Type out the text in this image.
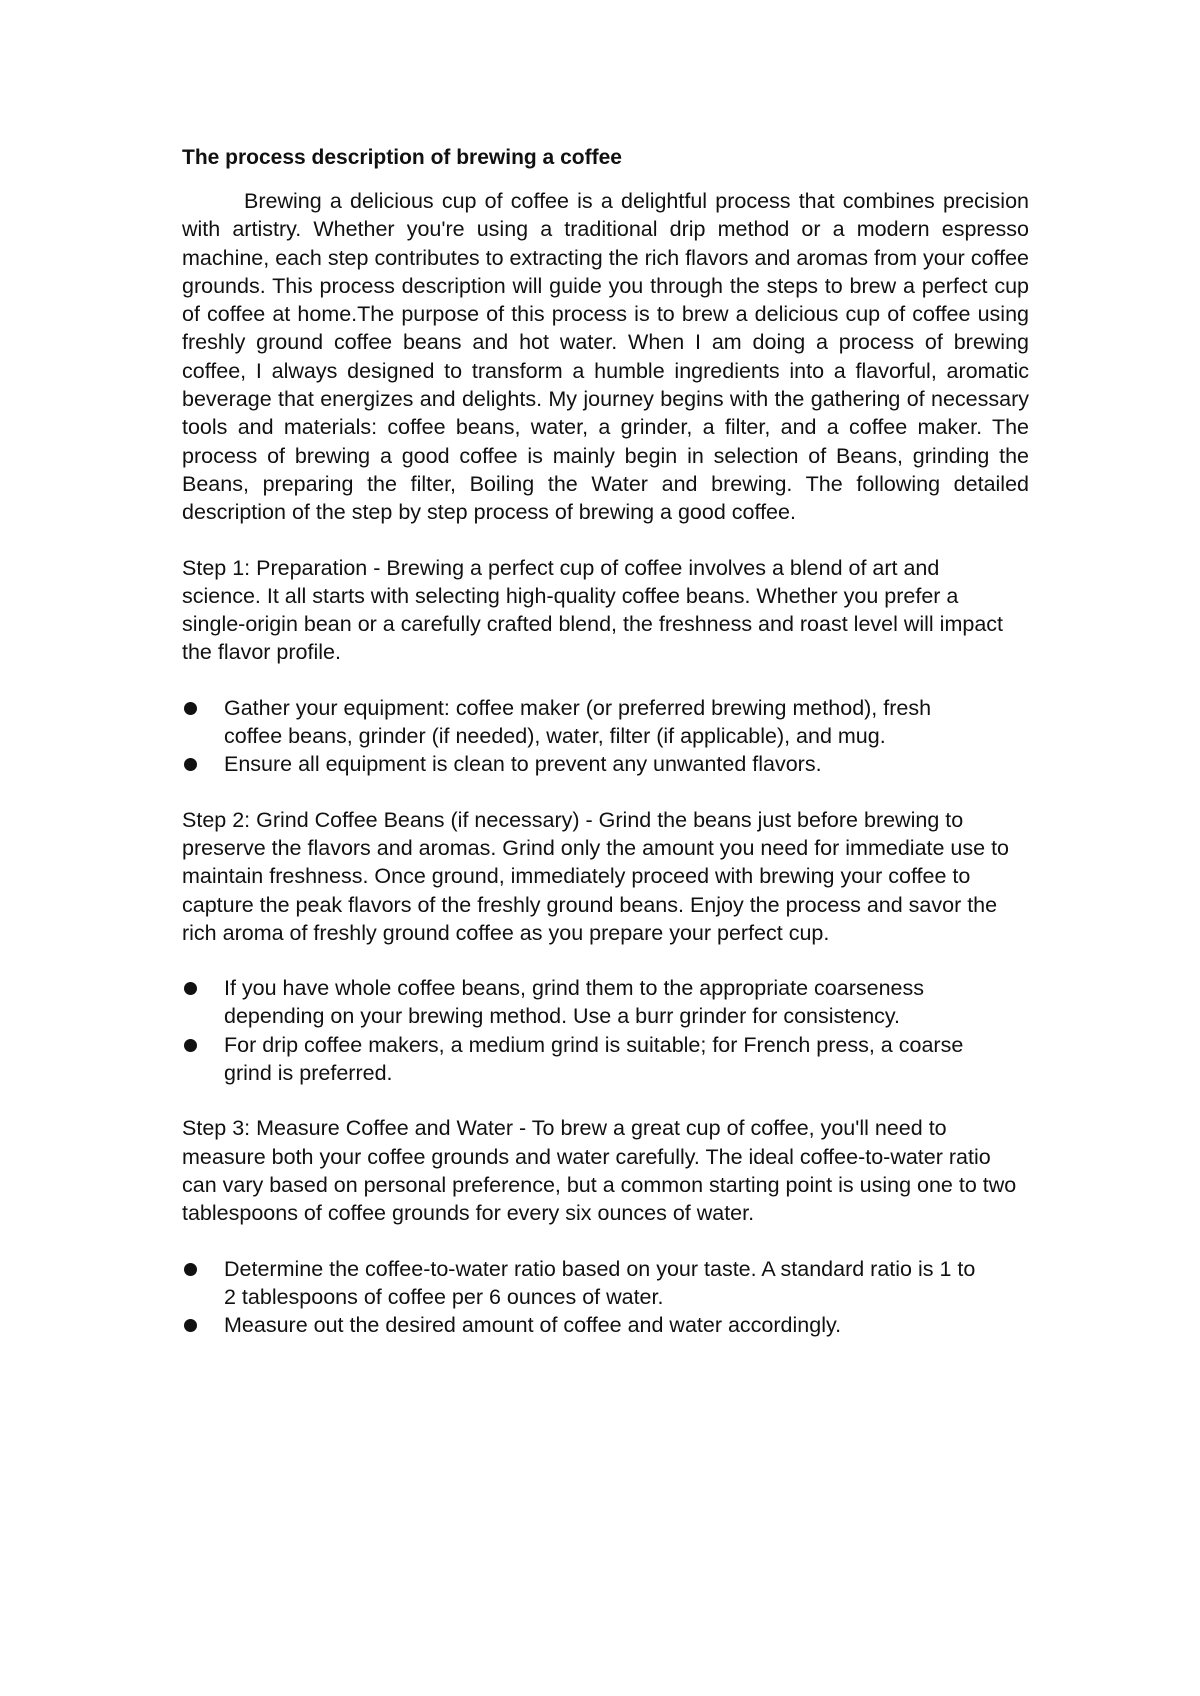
The process description of brewing a coffee

Brewing a delicious cup of coffee is a delightful process that combines precision with artistry. Whether you're using a traditional drip method or a modern espresso machine, each step contributes to extracting the rich flavors and aromas from your coffee grounds. This process description will guide you through the steps to brew a perfect cup of coffee at home.The purpose of this process is to brew a delicious cup of coffee using freshly ground coffee beans and hot water. When I am doing a process of brewing coffee, I always designed to transform a humble ingredients into a flavorful, aromatic beverage that energizes and delights. My journey begins with the gathering of necessary tools and materials: coffee beans, water, a grinder, a filter, and a coffee maker. The process of brewing a good coffee is mainly begin in selection of Beans, grinding the Beans, preparing the filter, Boiling the Water and brewing. The following detailed description of the step by step process of brewing a good coffee.

Step 1: Preparation - Brewing a perfect cup of coffee involves a blend of art and science. It all starts with selecting high-quality coffee beans. Whether you prefer a single-origin bean or a carefully crafted blend, the freshness and roast level will impact the flavor profile.

Gather your equipment: coffee maker (or preferred brewing method), fresh coffee beans, grinder (if needed), water, filter (if applicable), and mug.
Ensure all equipment is clean to prevent any unwanted flavors.

Step 2: Grind Coffee Beans (if necessary) - Grind the beans just before brewing to preserve the flavors and aromas. Grind only the amount you need for immediate use to maintain freshness. Once ground, immediately proceed with brewing your coffee to capture the peak flavors of the freshly ground beans. Enjoy the process and savor the rich aroma of freshly ground coffee as you prepare your perfect cup.

If you have whole coffee beans, grind them to the appropriate coarseness depending on your brewing method. Use a burr grinder for consistency.
For drip coffee makers, a medium grind is suitable; for French press, a coarse grind is preferred.

Step 3: Measure Coffee and Water - To brew a great cup of coffee, you'll need to measure both your coffee grounds and water carefully. The ideal coffee-to-water ratio can vary based on personal preference, but a common starting point is using one to two tablespoons of coffee grounds for every six ounces of water.

Determine the coffee-to-water ratio based on your taste. A standard ratio is 1 to 2 tablespoons of coffee per 6 ounces of water.
Measure out the desired amount of coffee and water accordingly.
